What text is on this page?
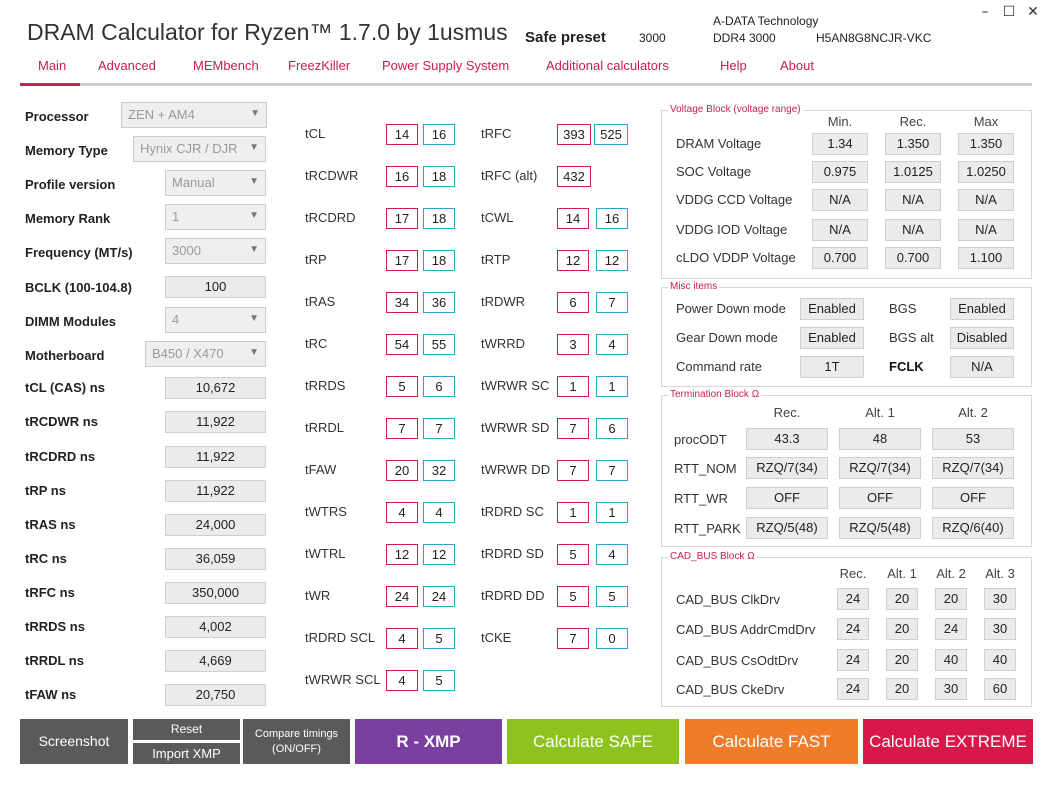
DRAM Calculator for Ryzen™ 1.7.0 by 1usmus Safe preset	3000
A-DATA Technology
DDR4 3000	H5AN8G8NCJR-VKC
–	☐ ✕
Main Advanced	MEMbench FreezKiller Power Supply System	Additional calculators	Help	About
Processor	ZEN + AM4	▼
Memory Type	Hynix CJR / DJR ▼
Profile version	Manual	▼
Memory Rank	1	▼
Frequency (MT/s)	3000	▼
BCLK (100-104.8)	100
DIMM Modules	4	▼
Motherboard	B450 / X470	▼
tCL (CAS) ns	10,672
tRCDWR ns	11,922
tRCDRD ns	11,922
tRP ns	11,922
tRAS ns	24,000
tRC ns	36,059
tRFC ns	350,000
tRRDS ns	4,002
tRRDL ns	4,669
tFAW ns	20,750
tCL	14	16
tRCDWR	16	18
tRCDRD	17	18
tRP	17	18
tRAS	34	36
tRC	54	55
tRRDS	5	6
tRRDL	7	7
tFAW	20	32
tWTRS	4	4
tWTRL	12	12
tWR	24	24
tRDRD SCL	4	5
tWRWR SCL	4	5
tRFC	393	525
tRFC (alt)	432
tCWL	14	16
tRTP	12	12
tRDWR	6	7
tWRRD	3	4
tWRWR SC	1	1
tWRWR SD	7	6
tWRWR DD	7	7
tRDRD SC	1	1
tRDRD SD	5	4
tRDRD DD	5	5
tCKE	7	0
Voltage Block (voltage range)
Min.	Rec.	Max
DRAM Voltage	1.34	1.350	1.350
SOC Voltage	0.975	1.0125	1.0250
VDDG CCD Voltage	N/A	N/A	N/A
VDDG IOD Voltage	N/A	N/A	N/A
cLDO VDDP Voltage	0.700	0.700	1.100
Misc items
Power Down mode	Enabled	BGS	Enabled
Gear Down mode	Enabled	BGS alt	Disabled
Command rate	1T	FCLK	N/A
Termination Block Ω
Rec.	Alt. 1	Alt. 2
procODT	43.3	48	53
RTT_NOM	RZQ/7(34)	RZQ/7(34)	RZQ/7(34)
RTT_WR	OFF	OFF	OFF
RTT_PARK	RZQ/5(48)	RZQ/5(48)	RZQ/6(40)
CAD_BUS Block Ω
Rec.	Alt. 1	Alt. 2	Alt. 3
CAD_BUS ClkDrv	24	20	20	30
CAD_BUS AddrCmdDrv	24	20	24	30
CAD_BUS CsOdtDrv	24	20	40	40
CAD_BUS CkeDrv	24	20	30	60
Screenshot
Reset
Import XMP
Compare timings
(ON/OFF)	R - XMP	Calculate SAFE	Calculate FAST	Calculate EXTREME
